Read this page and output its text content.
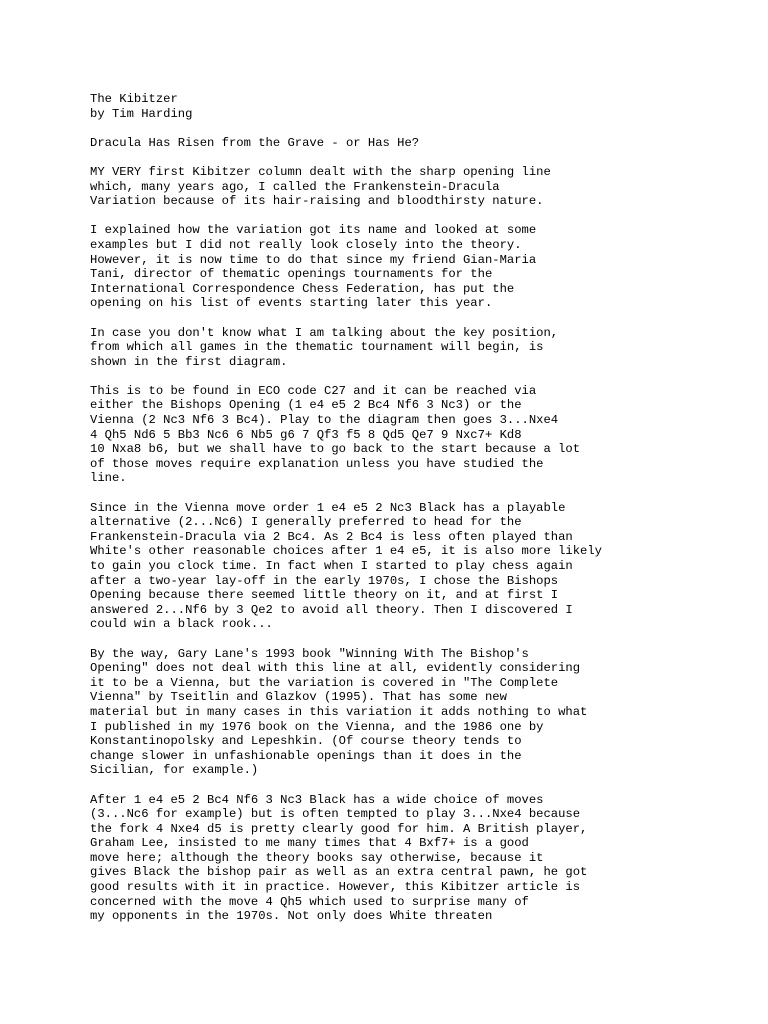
The Kibitzer
by Tim Harding
Dracula Has Risen from the Grave - or Has He?
MY VERY first Kibitzer column dealt with the sharp opening line
which, many years ago, I called the Frankenstein-Dracula
Variation because of its hair-raising and bloodthirsty nature.
I explained how the variation got its name and looked at some
examples but I did not really look closely into the theory.
However, it is now time to do that since my friend Gian-Maria
Tani, director of thematic openings tournaments for the
International Correspondence Chess Federation, has put the
opening on his list of events starting later this year.
In case you don't know what I am talking about the key position,
from which all games in the thematic tournament will begin, is
shown in the first diagram.
This is to be found in ECO code C27 and it can be reached via
either the Bishops Opening (1 e4 e5 2 Bc4 Nf6 3 Nc3) or the
Vienna (2 Nc3 Nf6 3 Bc4). Play to the diagram then goes 3...Nxe4
4 Qh5 Nd6 5 Bb3 Nc6 6 Nb5 g6 7 Qf3 f5 8 Qd5 Qe7 9 Nxc7+ Kd8
10 Nxa8 b6, but we shall have to go back to the start because a lot
of those moves require explanation unless you have studied the
line.
Since in the Vienna move order 1 e4 e5 2 Nc3 Black has a playable
alternative (2...Nc6) I generally preferred to head for the
Frankenstein-Dracula via 2 Bc4. As 2 Bc4 is less often played than
White's other reasonable choices after 1 e4 e5, it is also more likely
to gain you clock time. In fact when I started to play chess again
after a two-year lay-off in the early 1970s, I chose the Bishops
Opening because there seemed little theory on it, and at first I
answered 2...Nf6 by 3 Qe2 to avoid all theory. Then I discovered I
could win a black rook...
By the way, Gary Lane's 1993 book "Winning With The Bishop's
Opening" does not deal with this line at all, evidently considering
it to be a Vienna, but the variation is covered in "The Complete
Vienna" by Tseitlin and Glazkov (1995). That has some new
material but in many cases in this variation it adds nothing to what
I published in my 1976 book on the Vienna, and the 1986 one by
Konstantinopolsky and Lepeshkin. (Of course theory tends to
change slower in unfashionable openings than it does in the
Sicilian, for example.)
After 1 e4 e5 2 Bc4 Nf6 3 Nc3 Black has a wide choice of moves
(3...Nc6 for example) but is often tempted to play 3...Nxe4 because
the fork 4 Nxe4 d5 is pretty clearly good for him. A British player,
Graham Lee, insisted to me many times that 4 Bxf7+ is a good
move here; although the theory books say otherwise, because it
gives Black the bishop pair as well as an extra central pawn, he got
good results with it in practice. However, this Kibitzer article is
concerned with the move 4 Qh5 which used to surprise many of
my opponents in the 1970s. Not only does White threaten
